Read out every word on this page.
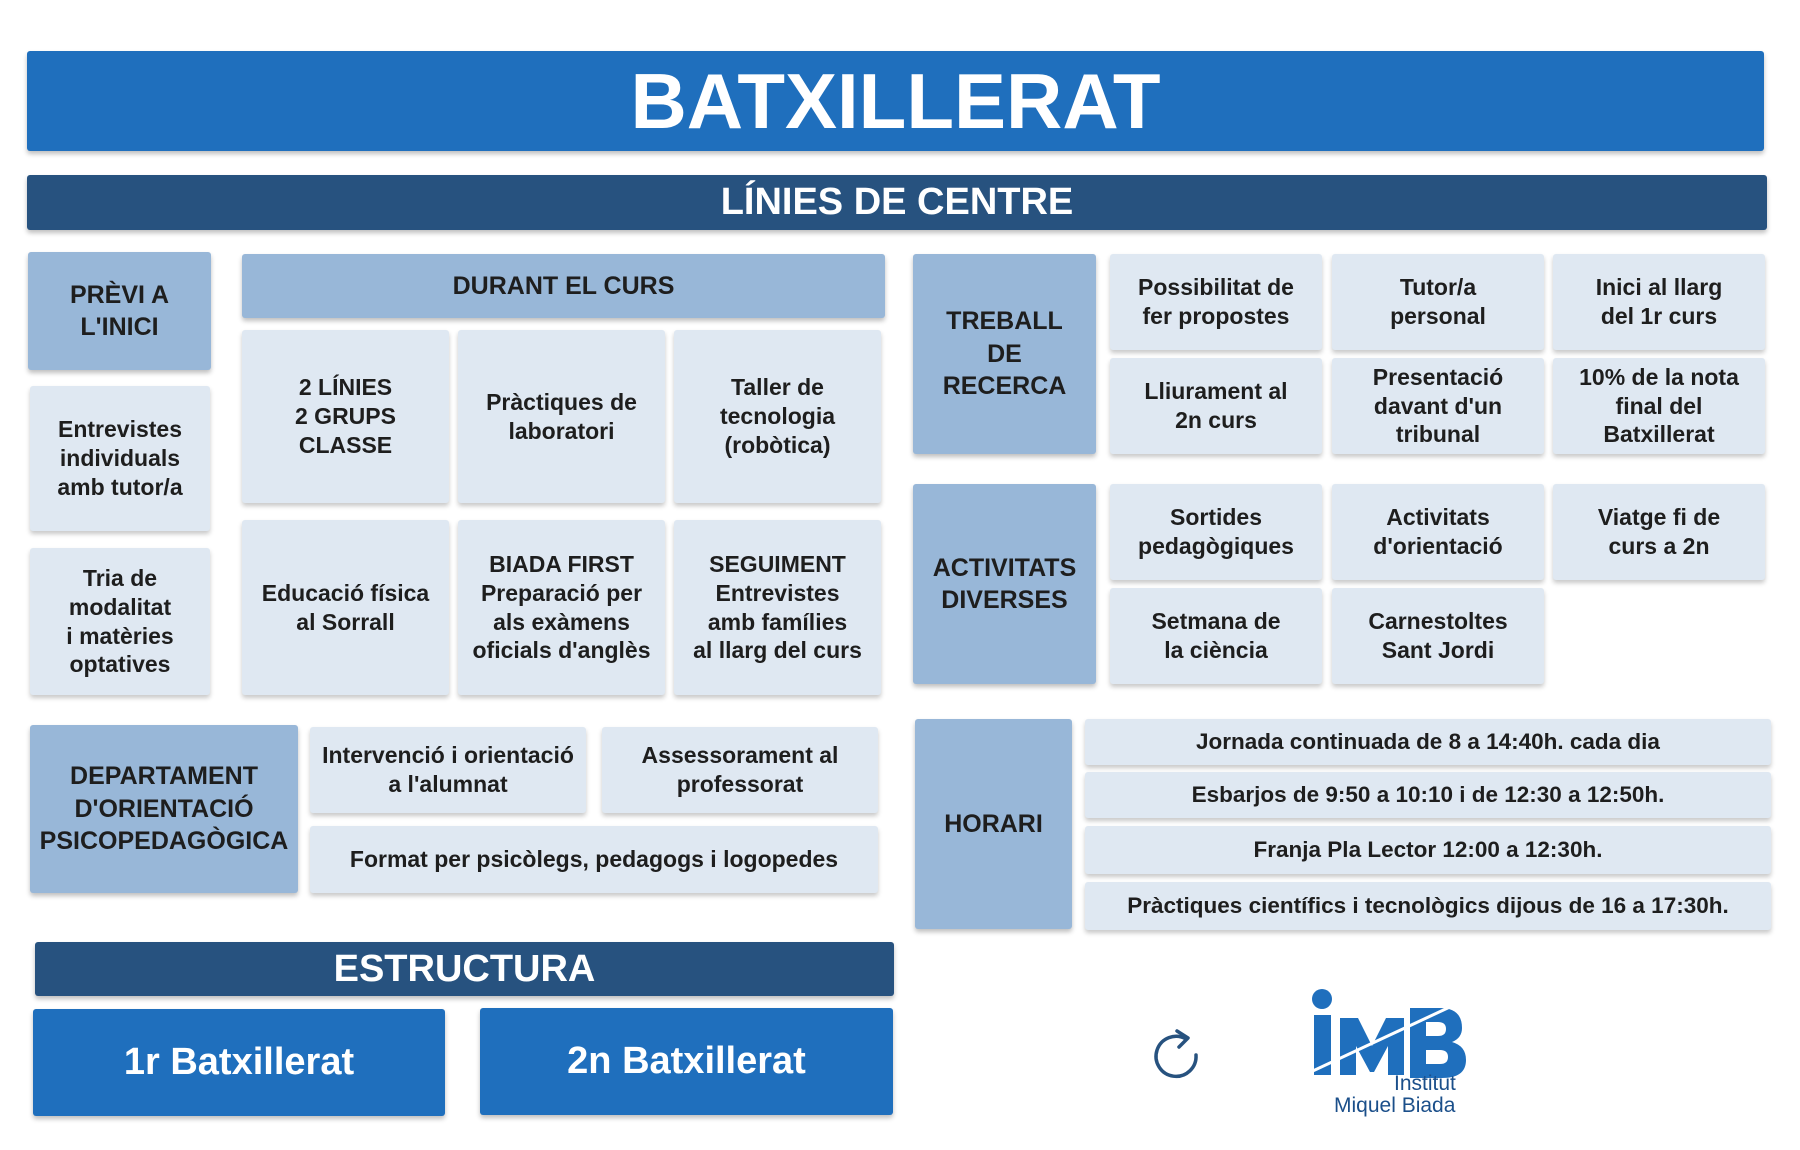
BATXILLERAT
LÍNIES DE CENTRE
PRÈVI A
L'INICI
Entrevistes
individuals
amb tutor/a
Tria de
modalitat
i matèries
optatives
DURANT EL CURS
2 LÍNIES
2 GRUPS CLASSE
Pràctiques de
laboratori
Taller de
tecnologia
(robòtica)
Educació física
al Sorrall
BIADA FIRST
Preparació per
als exàmens
oficials d'anglès
SEGUIMENT
Entrevistes
amb famílies
al llarg del curs
TREBALL
DE
RECERCA
Possibilitat de
fer propostes
Tutor/a
personal
Inici al llarg
del 1r curs
Lliurament al
2n curs
Presentació
davant d'un
tribunal
10% de la nota
final del
Batxillerat
ACTIVITATS
DIVERSES
Sortides
pedagògiques
Activitats
d'orientació
Viatge fi de
curs a 2n
Setmana de
la ciència
Carnestoltes
Sant Jordi
DEPARTAMENT
D'ORIENTACIÓ
PSICOPEDAGÒGICA
Intervenció i orientació
a l'alumnat
Assessorament al
professorat
Format per psicòlegs, pedagogs i logopedes
HORARI
Jornada continuada de 8 a 14:40h. cada dia
Esbarjos de 9:50 a 10:10 i de 12:30 a 12:50h.
Franja Pla Lector 12:00 a 12:30h.
Pràctiques científics i tecnològics dijous de 16 a 17:30h.
ESTRUCTURA
1r Batxillerat	2n Batxillerat
Institut
Miquel Biada
